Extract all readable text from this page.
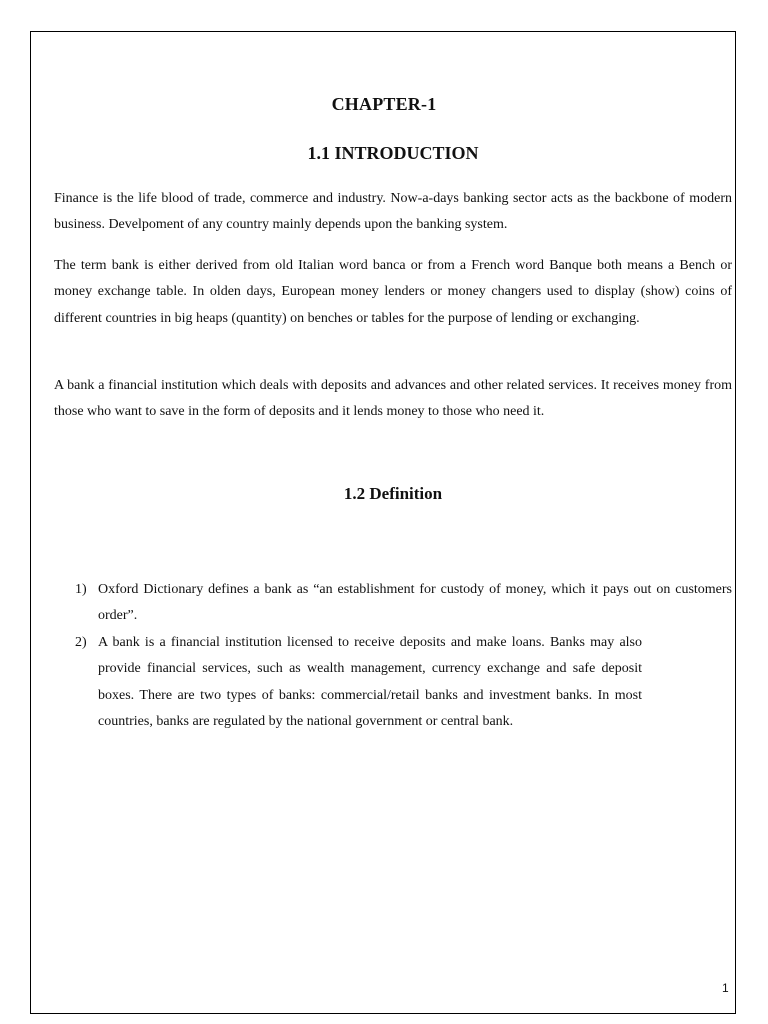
CHAPTER-1
1.1 INTRODUCTION

Finance is the life blood of trade, commerce and industry. Now-a-days banking sector acts as the backbone of modern business. Develpoment of any country mainly depends upon the banking system.

The term bank is either derived from old Italian word banca or from a French word Banque both means a Bench or money exchange table. In olden days, European money lenders or money changers used to display (show) coins of different countries in big heaps (quantity) on benches or tables for the purpose of lending or exchanging.

A bank a financial institution which deals with deposits and advances and other related services. It receives money from those who want to save in the form of deposits and it lends money to those who need it.

1.2 Definition
1) Oxford Dictionary defines a bank as “an establishment for custody of money, which it pays out on customers order”.
2) A bank is a financial institution licensed to receive deposits and make loans. Banks may also provide financial services, such as wealth management, currency exchange and safe deposit boxes. There are two types of banks: commercial/retail banks and investment banks. In most countries, banks are regulated by the national government or central bank.
1
